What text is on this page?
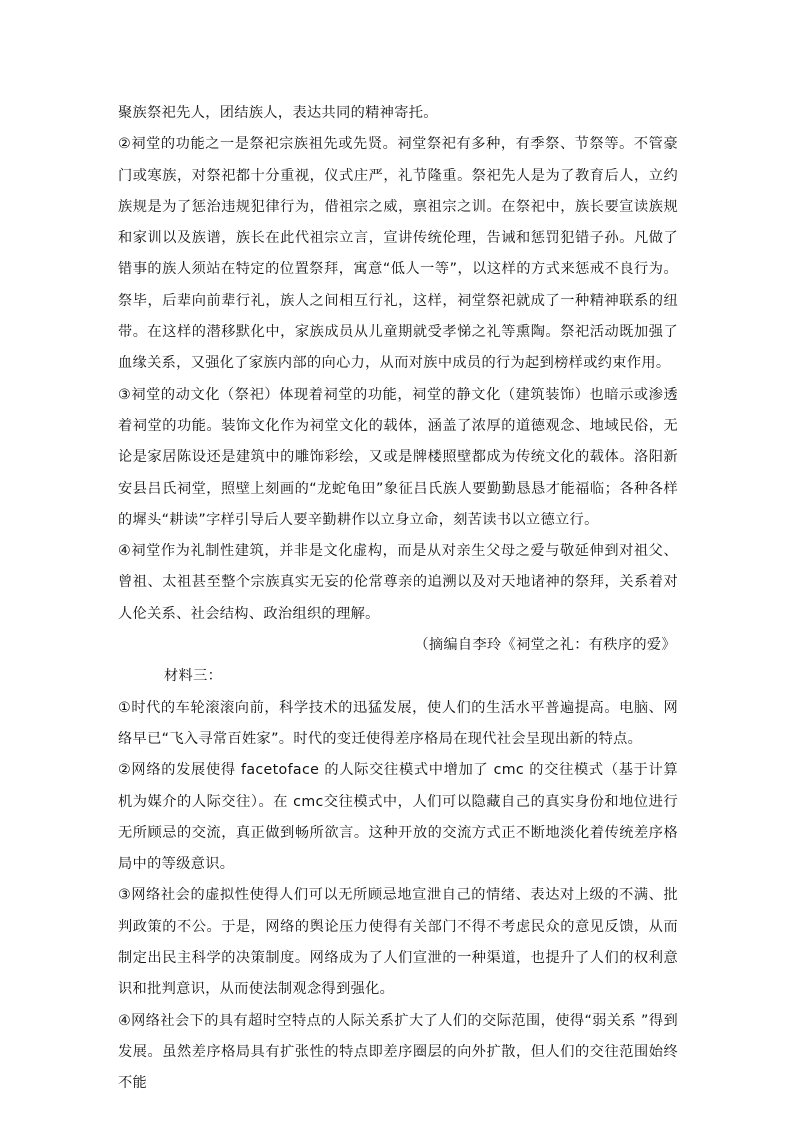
聚族祭祀先人，团结族人，表达共同的精神寄托。

②祠堂的功能之一是祭祀宗族祖先或先贤。祠堂祭祀有多种，有季祭、节祭等。不管豪门或寒族，对祭祀都十分重视，仪式庄严，礼节隆重。祭祀先人是为了教育后人，立约族规是为了惩治违规犯律行为，借祖宗之威，禀祖宗之训。在祭祀中，族长要宣读族规和家训以及族谱，族长在此代祖宗立言，宣讲传统伦理，告诫和惩罚犯错子孙。凡做了错事的族人须站在特定的位置祭拜，寓意“低人一等”，以这样的方式来惩戒不良行为。祭毕，后辈向前辈行礼，族人之间相互行礼，这样，祠堂祭祀就成了一种精神联系的纽带。在这样的潜移默化中，家族成员从儿童期就受孝悌之礼等熏陶。祭祀活动既加强了血缘关系，又强化了家族内部的向心力，从而对族中成员的行为起到榜样或约束作用。

③祠堂的动文化（祭祀）体现着祠堂的功能，祠堂的静文化（建筑装饰）也暗示或渗透着祠堂的功能。装饰文化作为祠堂文化的载体，涵盖了浓厚的道德观念、地域民俗，无论是家居陈设还是建筑中的雕饰彩绘，又或是牌楼照壁都成为传统文化的载体。洛阳新安县吕氏祠堂，照壁上刻画的“龙蛇龟田”象征吕氏族人要勤勤恳恳才能福临；各种各样的墀头“耕读”字样引导后人要辛勤耕作以立身立命，刻苦读书以立德立行。

④祠堂作为礼制性建筑，并非是文化虚构，而是从对亲生父母之爱与敬延伸到对祖父、曾祖、太祖甚至整个宗族真实无妄的伦常尊亲的追溯以及对天地诸神的祭拜，关系着对人伦关系、社会结构、政治组织的理解。

（摘编自李玲《祠堂之礼：有秩序的爱》

材料三：

①时代的车轮滚滚向前，科学技术的迅猛发展，使人们的生活水平普遍提高。电脑、网络早已“飞入寻常百姓家”。时代的变迁使得差序格局在现代社会呈现出新的特点。

②网络的发展使得 facetoface 的人际交往模式中增加了 cmc 的交往模式（基于计算机为媒介的人际交往）。在 cmc交往模式中，人们可以隐藏自己的真实身份和地位进行无所顾忌的交流，真正做到畅所欲言。这种开放的交流方式正不断地淡化着传统差序格局中的等级意识。

③网络社会的虚拟性使得人们可以无所顾忌地宣泄自己的情绪、表达对上级的不满、批判政策的不公。于是，网络的舆论压力使得有关部门不得不考虑民众的意见反馈，从而制定出民主科学的决策制度。网络成为了人们宣泄的一种渠道，也提升了人们的权利意识和批判意识，从而使法制观念得到强化。

④网络社会下的具有超时空特点的人际关系扩大了人们的交际范围，使得“弱关系 ”得到发展。虽然差序格局具有扩张性的特点即差序圈层的向外扩散，但人们的交往范围始终不能
